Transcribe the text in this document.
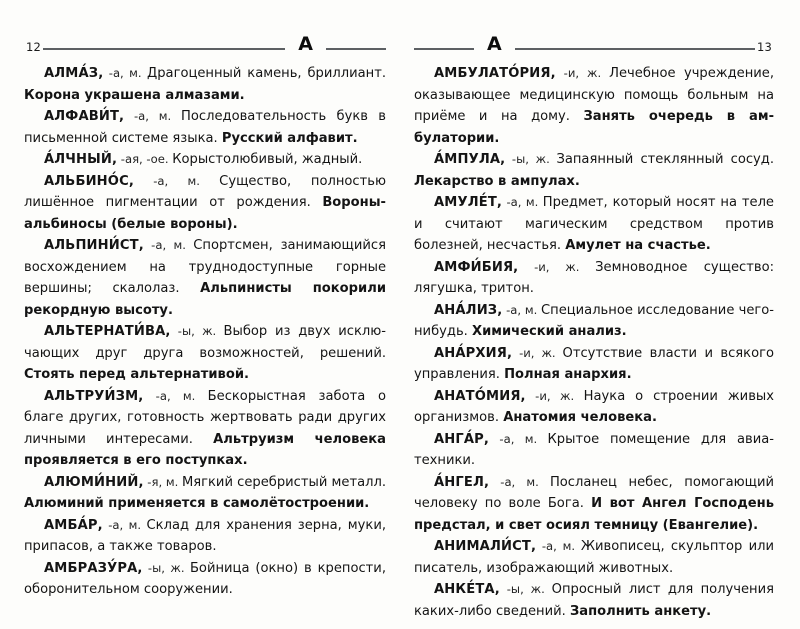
12	А

АЛМА́З, -а, м. Драгоценный камень, бриллиант. Корона украшена алмазами.

АЛФАВИ́Т, -а, м. Последовательность букв в письменной системе языка. Русский алфавит.

А́ЛЧНЫЙ, -ая, -ое. Корыстолюбивый, жадный.

АЛЬБИНО́С, -а, м. Существо, полностью лишённое пигментации от рождения. Вороны-альбиносы (белые вороны).

АЛЬПИНИ́СТ, -а, м. Спортсмен, занимающийся восхождением на труднодоступные горные вершины; скалолаз. Альпинисты покорили рекордную высоту.

АЛЬТЕРНАТИ́ВА, -ы, ж. Выбор из двух исключающих друг друга возможностей, решений. Стоять перед альтернативой.

АЛЬТРУИ́ЗМ, -а, м. Бескорыстная забота о благе других, готовность жертвовать ради других личными интересами. Альтруизм человека проявляется в его поступках.

АЛЮМИ́НИЙ, -я, м. Мягкий серебристый металл. Алюминий применяется в самолётостроении.

АМБА́Р, -а, м. Склад для хранения зерна, муки, припасов, а также товаров.

АМБРАЗУ́РА, -ы, ж. Бойница (окно) в крепости, оборонительном сооружении.

А	13

АМБУЛАТО́РИЯ, -и, ж. Лечебное учреждение, оказывающее медицинскую помощь больным на приёме и на дому. Занять очередь в амбулатории.

А́МПУЛА, -ы, ж. Запаянный стеклянный сосуд. Лекарство в ампулах.

АМУЛЕ́Т, -а, м. Предмет, который носят на теле и считают магическим средством против болезней, несчастья. Амулет на счастье.

АМФИ́БИЯ, -и, ж. Земноводное существо: лягушка, тритон.

АНА́ЛИЗ, -а, м. Специальное исследование чего-нибудь. Химический анализ.

АНА́РХИЯ, -и, ж. Отсутствие власти и всякого управления. Полная анархия.

АНАТО́МИЯ, -и, ж. Наука о строении живых организмов. Анатомия человека.

АНГА́Р, -а, м. Крытое помещение для авиатехники.

А́НГЕЛ, -а, м. Посланец небес, помогающий человеку по воле Бога. И вот Ангел Господень предстал, и свет осиял темницу (Евангелие).

АНИМАЛИ́СТ, -а, м. Живописец, скульптор или писатель, изображающий животных.

АНКЕ́ТА, -ы, ж. Опросный лист для получения каких-либо сведений. Заполнить анкету.
